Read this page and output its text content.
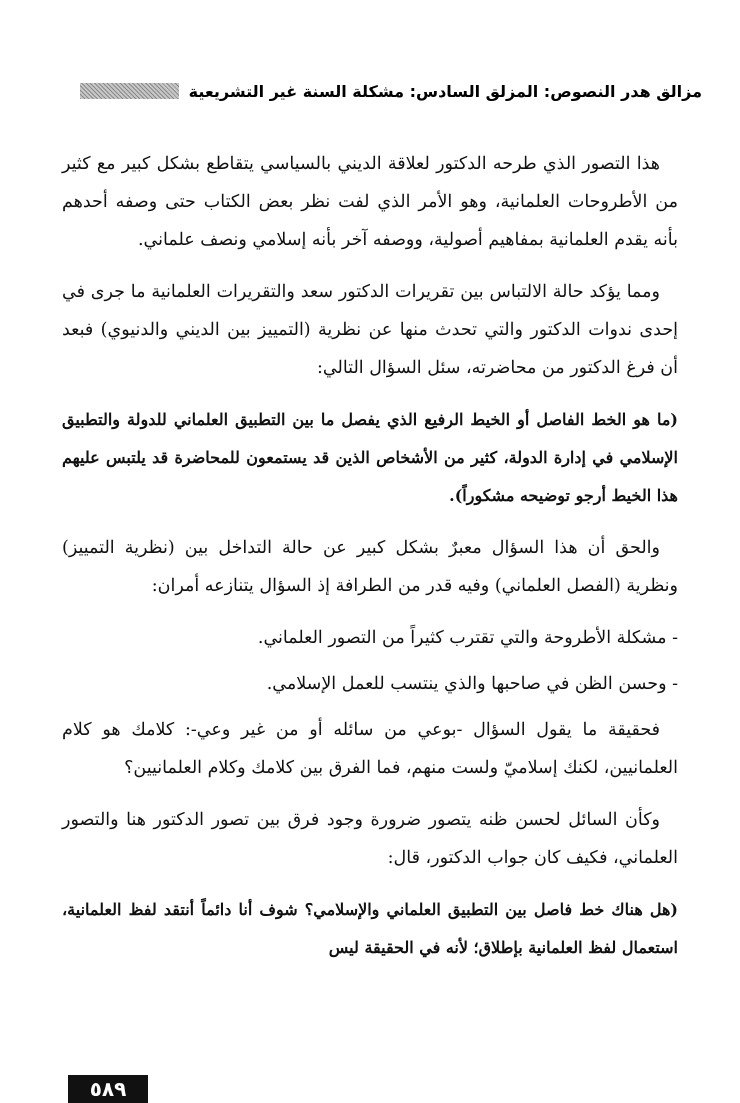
مزالق هدر النصوص: المزلق السادس: مشكلة السنة غير التشريعية

هذا التصور الذي طرحه الدكتور لعلاقة الديني بالسياسي يتقاطع بشكل كبير مع كثير من الأطروحات العلمانية، وهو الأمر الذي لفت نظر بعض الكتاب حتى وصفه أحدهم بأنه يقدم العلمانية بمفاهيم أصولية، ووصفه آخر بأنه إسلامي ونصف علماني.

ومما يؤكد حالة الالتباس بين تقريرات الدكتور سعد والتقريرات العلمانية ما جرى في إحدى ندوات الدكتور والتي تحدث منها عن نظرية (التمييز بين الديني والدنيوي) فبعد أن فرغ الدكتور من محاضرته، سئل السؤال التالي:

(ما هو الخط الفاصل أو الخيط الرفيع الذي يفصل ما بين التطبيق العلماني للدولة والتطبيق الإسلامي في إدارة الدولة، كثير من الأشخاص الذين قد يستمعون للمحاضرة قد يلتبس عليهم هذا الخيط أرجو توضيحه مشكوراً).

والحق أن هذا السؤال معبرٌ بشكل كبير عن حالة التداخل بين (نظرية التمييز) ونظرية (الفصل العلماني) وفيه قدر من الطرافة إذ السؤال يتنازعه أمران:

- مشكلة الأطروحة والتي تقترب كثيراً من التصور العلماني.

- وحسن الظن في صاحبها والذي ينتسب للعمل الإسلامي.

فحقيقة ما يقول السؤال -بوعي من سائله أو من غير وعي-: كلامك هو كلام العلمانيين، لكنك إسلاميّ ولست منهم، فما الفرق بين كلامك وكلام العلمانيين؟

وكأن السائل لحسن ظنه يتصور ضرورة وجود فرق بين تصور الدكتور هنا والتصور العلماني، فكيف كان جواب الدكتور، قال:

(هل هناك خط فاصل بين التطبيق العلماني والإسلامي؟ شوف أنا دائماً أنتقد لفظ العلمانية، استعمال لفظ العلمانية بإطلاق؛ لأنه في الحقيقة ليس

٥٨٩
